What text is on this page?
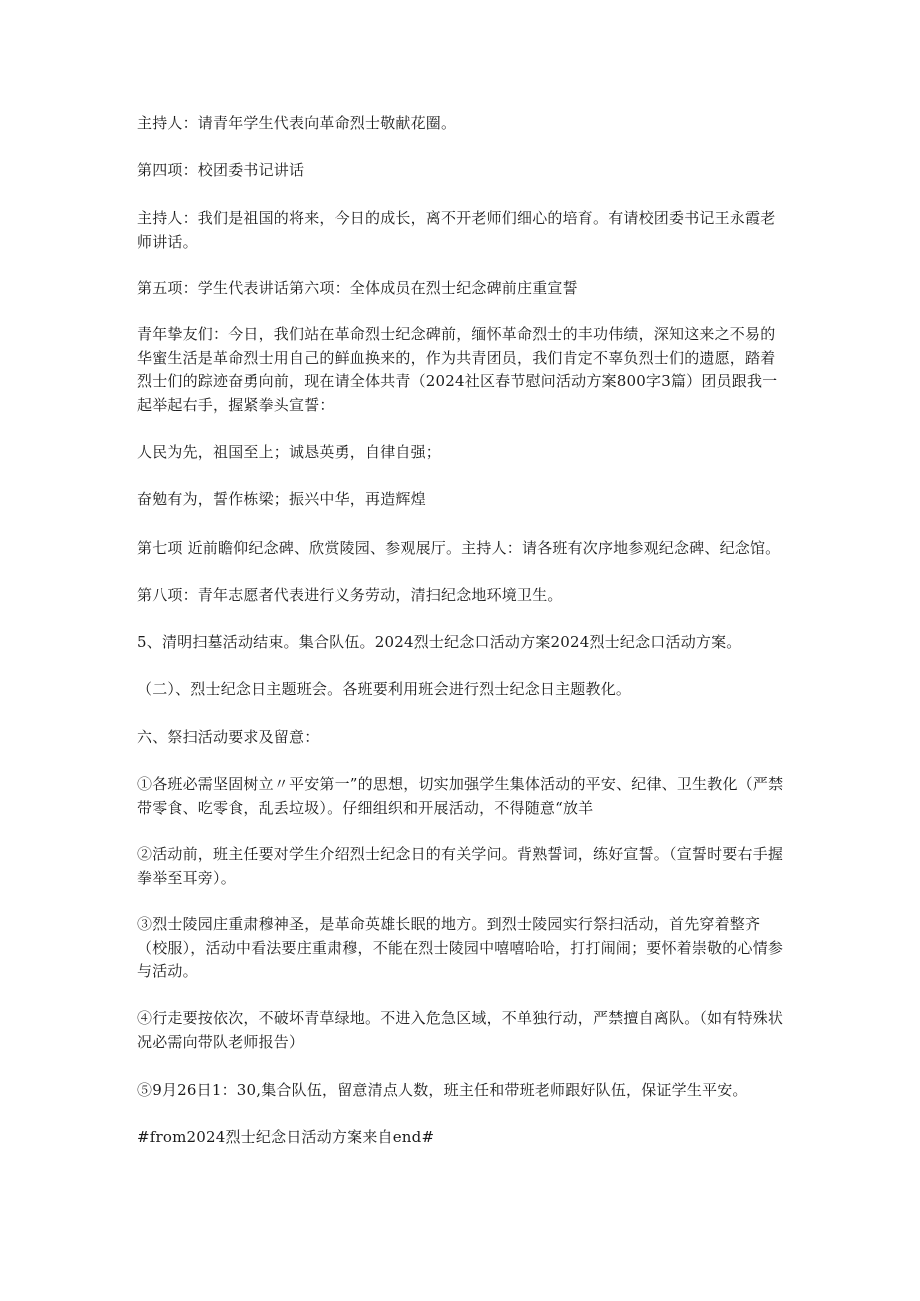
主持人：请青年学生代表向革命烈士敬献花圈。

第四项：校团委书记讲话

主持人：我们是祖国的将来，今日的成长，离不开老师们细心的培育。有请校团委书记王永霞老师讲话。

第五项：学生代表讲话第六项：全体成员在烈士纪念碑前庄重宣誓

青年挚友们：今日，我们站在革命烈士纪念碑前，缅怀革命烈士的丰功伟绩，深知这来之不易的华蜜生活是革命烈士用自己的鲜血换来的，作为共青团员，我们肯定不辜负烈士们的遗愿，踏着烈士们的踪迹奋勇向前，现在请全体共青（2024社区春节慰问活动方案800字3篇）团员跟我一起举起右手，握紧拳头宣誓：

人民为先，祖国至上；诚恳英勇，自律自强；

奋勉有为，誓作栋梁；振兴中华，再造辉煌

第七项 近前瞻仰纪念碑、欣赏陵园、参观展厅。主持人：请各班有次序地参观纪念碑、纪念馆。

第八项：青年志愿者代表进行义务劳动，清扫纪念地环境卫生。

5、清明扫墓活动结束。集合队伍。2024烈士纪念口活动方案2024烈士纪念口活动方案。

（二）、烈士纪念日主题班会。各班要利用班会进行烈士纪念日主题教化。

六、祭扫活动要求及留意：

①各班必需坚固树立〃平安第一”的思想，切实加强学生集体活动的平安、纪律、卫生教化（严禁带零食、吃零食，乱丢垃圾）。仔细组织和开展活动，不得随意“放羊

②活动前，班主任要对学生介绍烈士纪念日的有关学问。背熟誓词，练好宣誓。（宣誓时要右手握拳举至耳旁）。

③烈士陵园庄重肃穆神圣，是革命英雄长眠的地方。到烈士陵园实行祭扫活动，首先穿着整齐（校服），活动中看法要庄重肃穆，不能在烈士陵园中嘻嘻哈哈，打打闹闹；要怀着崇敬的心情参与活动。

④行走要按依次，不破坏青草绿地。不进入危急区域，不单独行动，严禁擅自离队。（如有特殊状况必需向带队老师报告）

⑤9月26日1：30,集合队伍，留意清点人数，班主任和带班老师跟好队伍，保证学生平安。

#from2024烈士纪念日活动方案来自end#
